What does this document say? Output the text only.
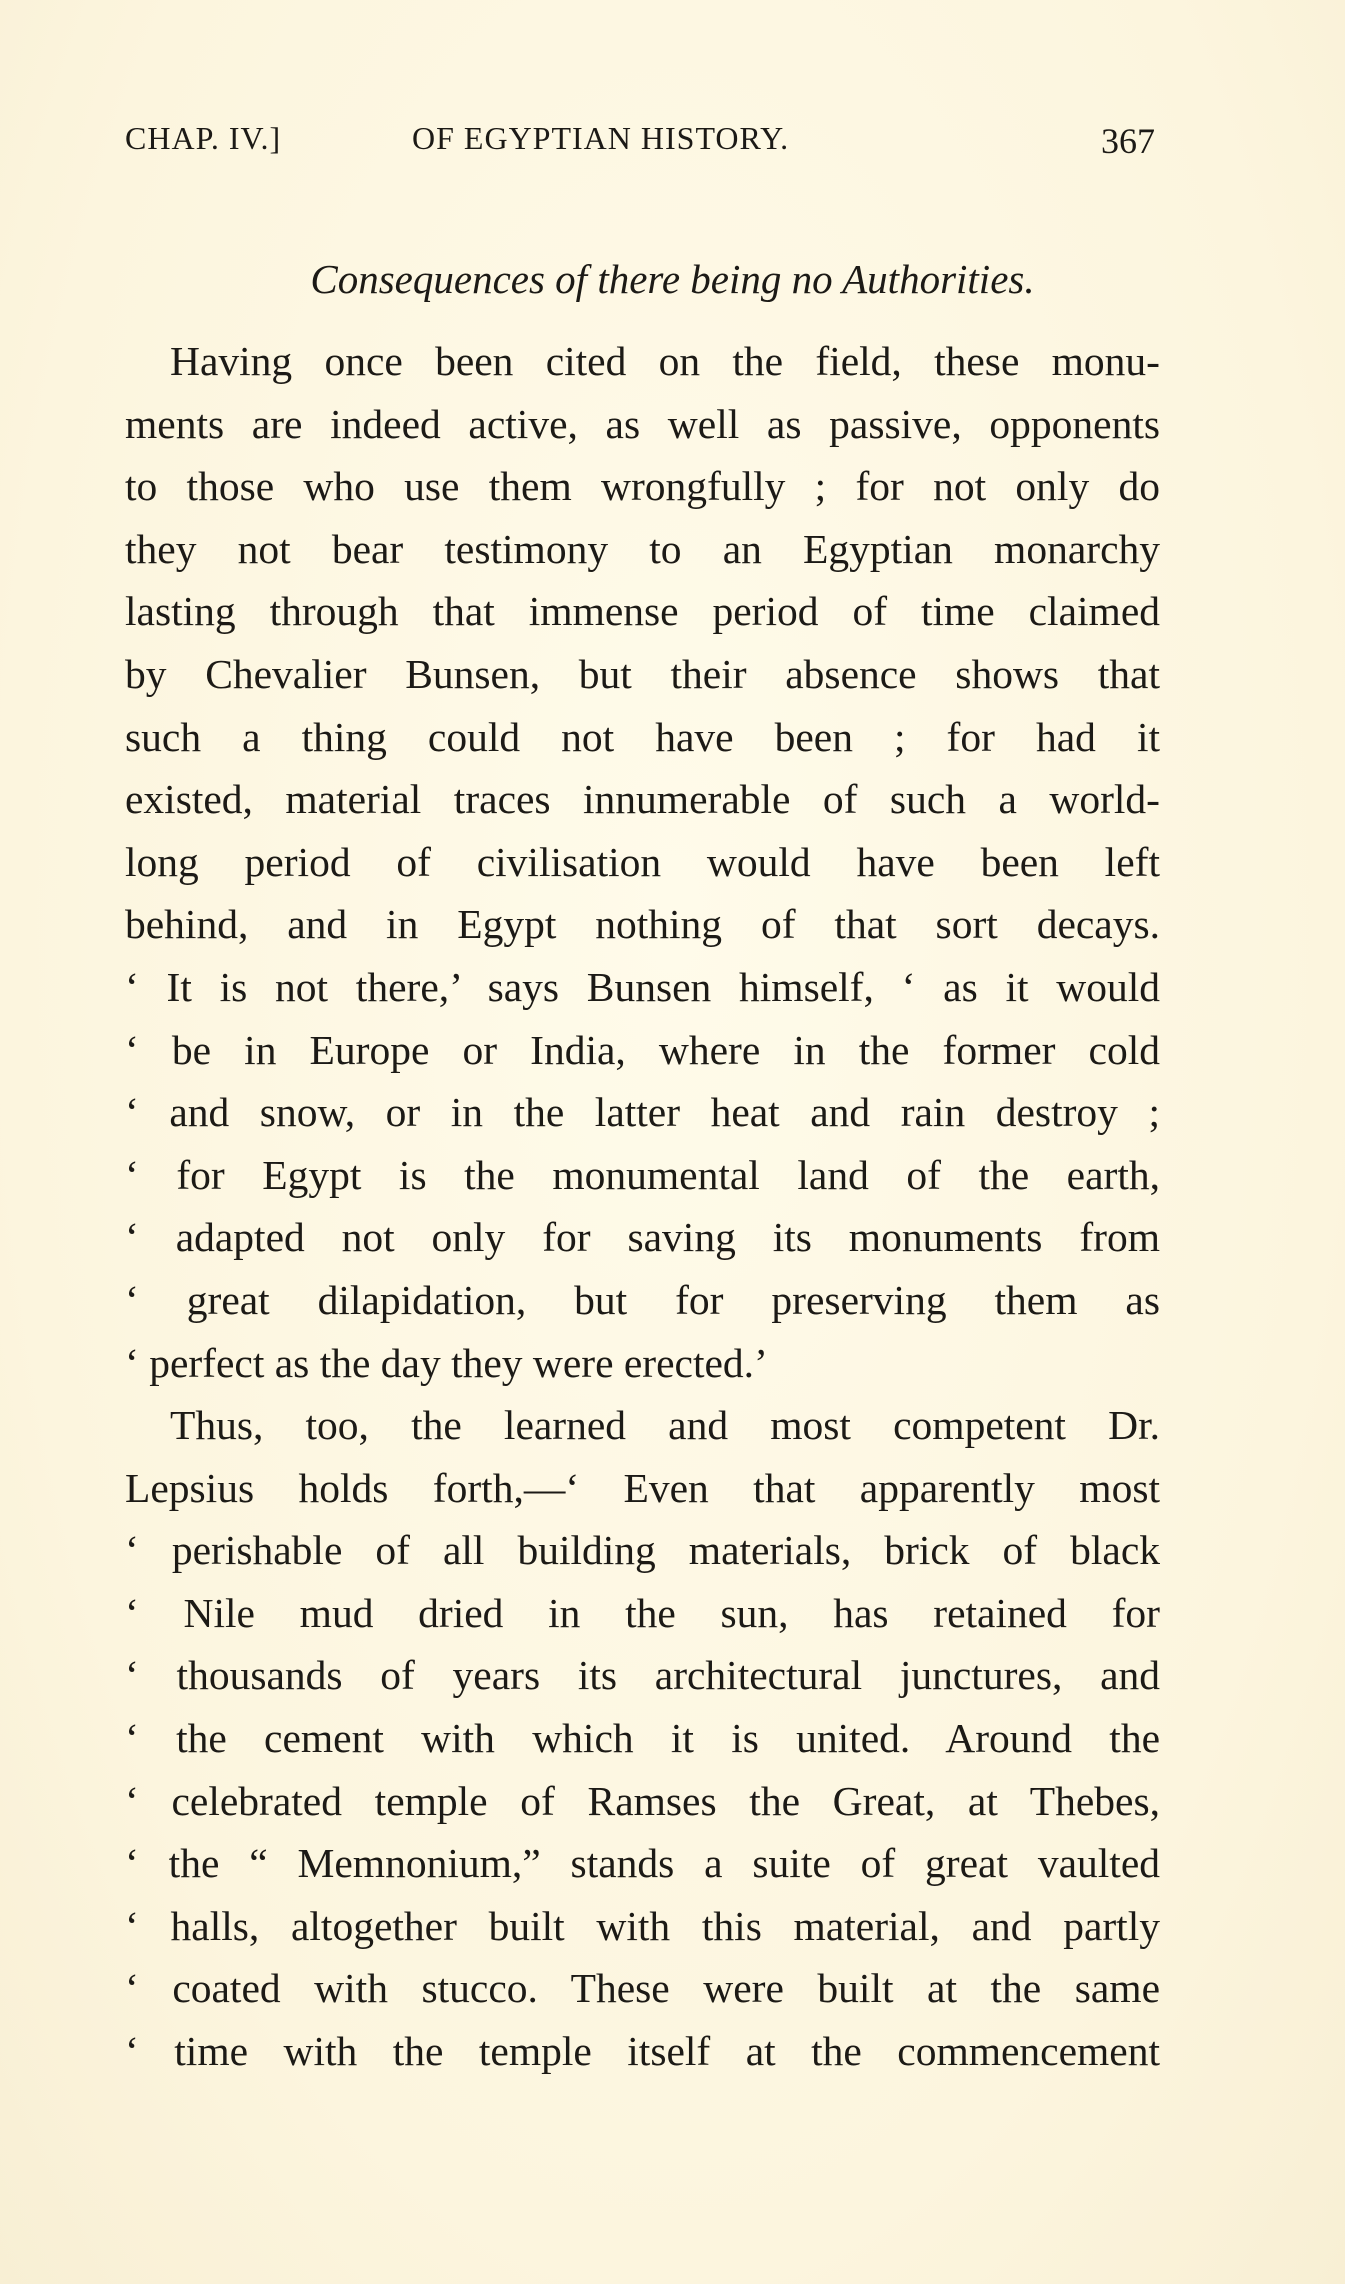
CHAP. IV.]	OF EGYPTIAN HISTORY.	367
Consequences of there being no Authorities.
Having once been cited on the field, these monu-
ments are indeed active, as well as passive, opponents
to those who use them wrongfully ; for not only do
they not bear testimony to an Egyptian monarchy
lasting through that immense period of time claimed
by Chevalier Bunsen, but their absence shows that
such a thing could not have been ; for had it
existed, material traces innumerable of such a world-
long period of civilisation would have been left
behind, and in Egypt nothing of that sort decays.
‘ It is not there,’ says Bunsen himself, ‘ as it would
‘ be in Europe or India, where in the former cold
‘ and snow, or in the latter heat and rain destroy ;
‘ for Egypt is the monumental land of the earth,
‘ adapted not only for saving its monuments from
‘ great dilapidation, but for preserving them as
‘ perfect as the day they were erected.’
Thus, too, the learned and most competent Dr.
Lepsius holds forth,—‘ Even that apparently most
‘ perishable of all building materials, brick of black
‘ Nile mud dried in the sun, has retained for
‘ thousands of years its architectural junctures, and
‘ the cement with which it is united. Around the
‘ celebrated temple of Ramses the Great, at Thebes,
‘ the “ Memnonium,” stands a suite of great vaulted
‘ halls, altogether built with this material, and partly
‘ coated with stucco. These were built at the same
‘ time with the temple itself at the commencement
